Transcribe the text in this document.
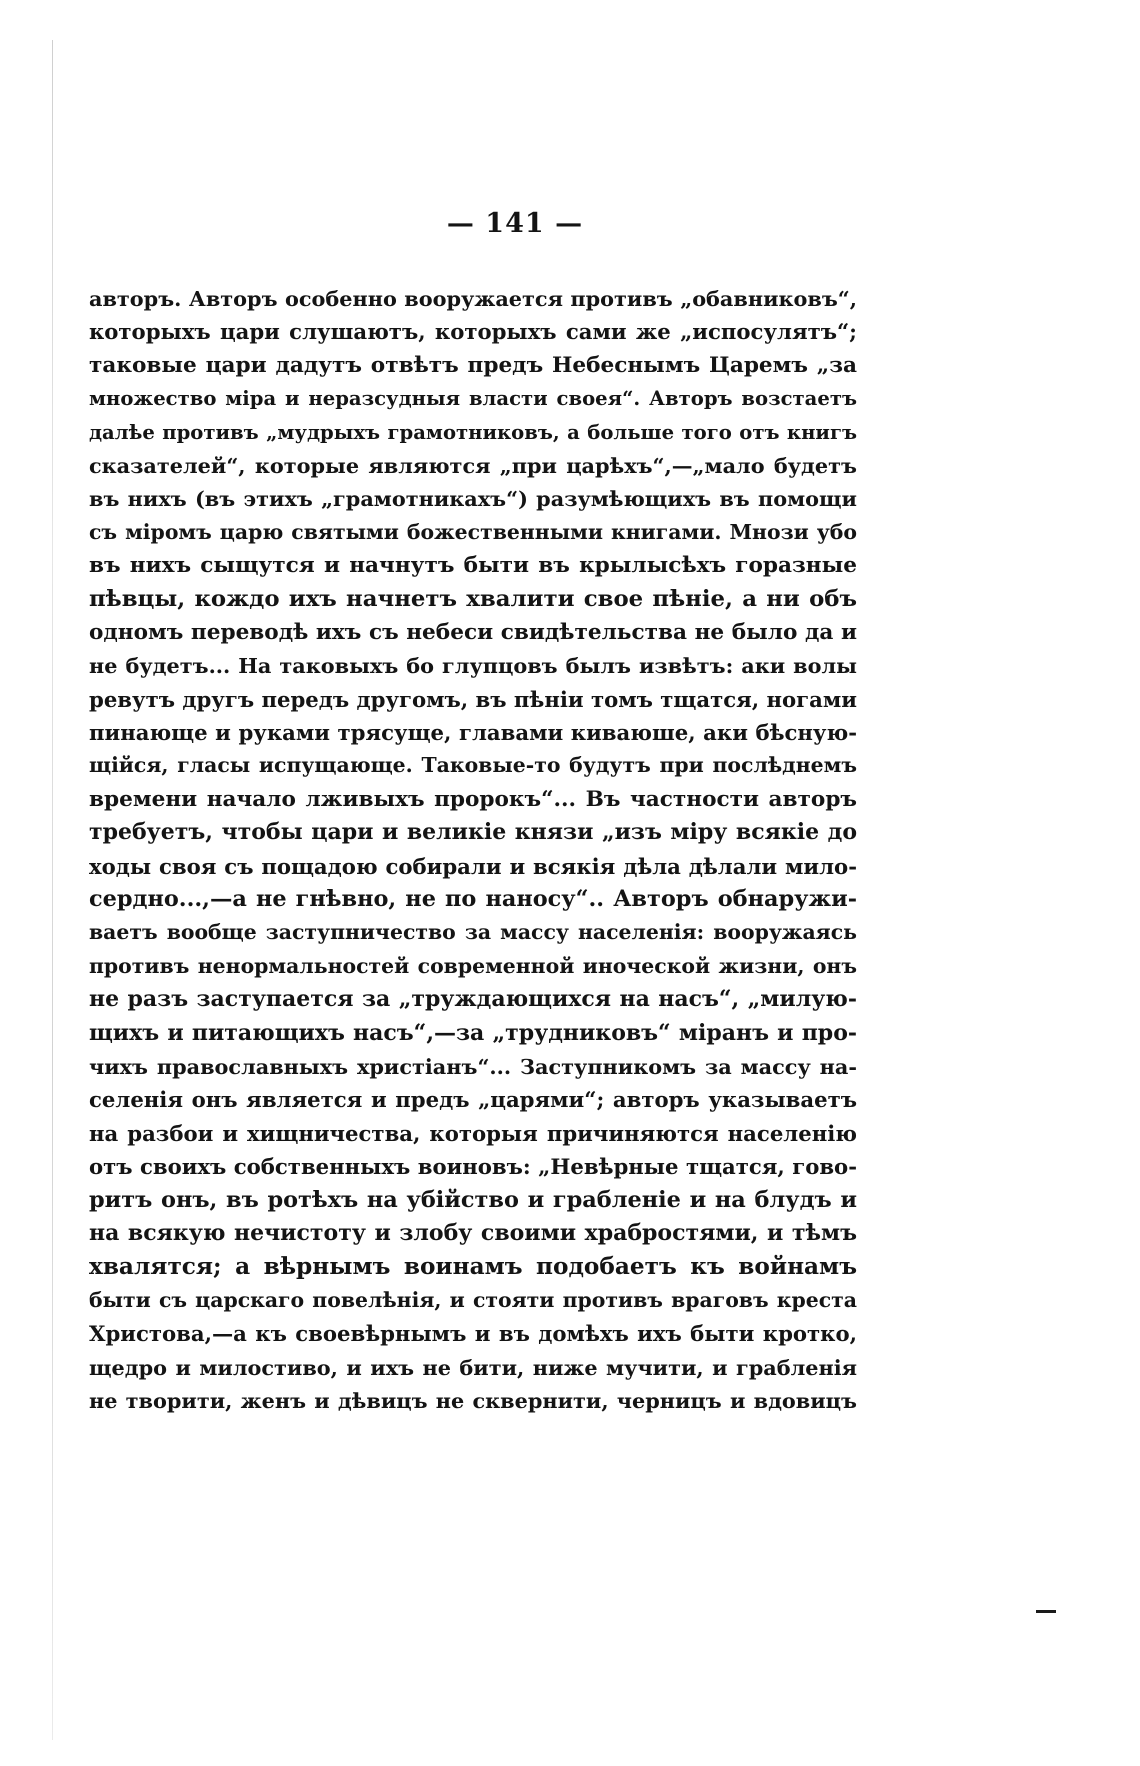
— 141 —
авторъ. Авторъ особенно вооружается противъ „обавниковъ“,
которыхъ цари слушаютъ, которыхъ сами же „испосулятъ“;
таковые цари дадутъ отвѣтъ предъ Небеснымъ Царемъ „за
множество міра и неразсудныя власти своея“. Авторъ возстаетъ
далѣе противъ „мудрыхъ грамотниковъ, а больше того отъ книгъ
сказателей“, которые являются „при царѣхъ“,—„мало будетъ
въ нихъ (въ этихъ „грамотникахъ“) разумѣющихъ въ помощи
съ міромъ царю святыми божественными книгами. Мнози убо
въ нихъ сыщутся и начнутъ быти въ крылысѣхъ горазные
пѣвцы, кождо ихъ начнетъ хвалити свое пѣніе, а ни объ
одномъ переводѣ ихъ съ небеси свидѣтельства не было да и
не будетъ... На таковыхъ бо глупцовъ былъ извѣтъ: аки волы
ревутъ другъ передъ другомъ, въ пѣніи томъ тщатся, ногами
пинающе и руками трясуще, главами киваюше, аки бѣсную-
щійся, гласы испущающе. Таковые-то будутъ при послѣднемъ
времени начало лживыхъ пророкъ“... Въ частности авторъ
требуетъ, чтобы цари и великіе князи „изъ міру всякіе до
ходы своя съ пощадою собирали и всякія дѣла дѣлали мило-
сердно...,—а не гнѣвно, не по наносу“.. Авторъ обнаружи-
ваетъ вообще заступничество за массу населенія: вооружаясь
противъ ненормальностей современной иноческой жизни, онъ
не разъ заступается за „труждающихся на насъ“, „милую-
щихъ и питающихъ насъ“,—за „трудниковъ“ міранъ и про-
чихъ православныхъ христіанъ“... Заступникомъ за массу на-
селенія онъ является и предъ „царями“; авторъ указываетъ
на разбои и хищничества, которыя причиняются населенію
отъ своихъ собственныхъ воиновъ: „Невѣрные тщатся, гово-
ритъ онъ, въ ротѣхъ на убійство и грабленіе и на блудъ и
на всякую нечистоту и злобу своими храбростями, и тѣмъ
хвалятся; а вѣрнымъ воинамъ подобаетъ къ войнамъ
быти съ царскаго повелѣнія, и стояти противъ враговъ креста
Христова,—а къ своевѣрнымъ и въ домѣхъ ихъ быти кротко,
щедро и милостиво, и ихъ не бити, ниже мучити, и грабленія
не творити, женъ и дѣвицъ не сквернити, черницъ и вдовицъ
